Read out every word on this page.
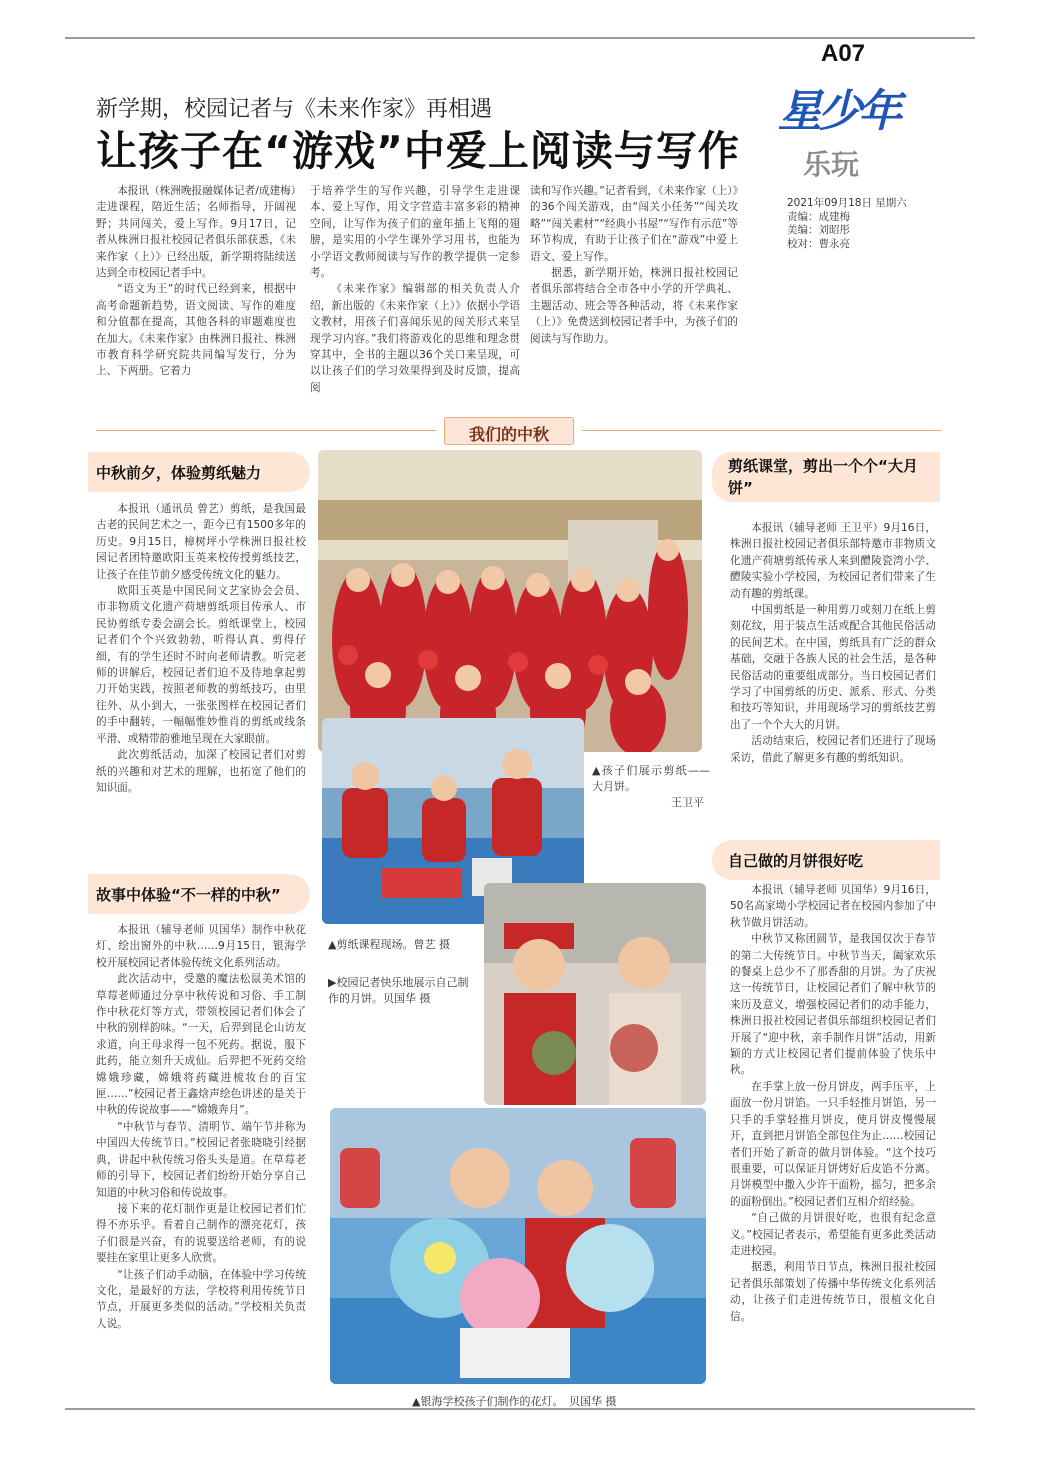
A07
星少年
乐玩
2021年09月18日 星期六
责编：成建梅
美编：刘昭彤
校对：曹永亮
新学期，校园记者与《未来作家》再相遇
让孩子在“游戏”中爱上阅读与写作

本报讯（株洲晚报融媒体记者/成建梅）走进课程，陪近生活；名师指导，开阔视野；共同闯关，爱上写作。9月17日，记者从株洲日报社校园记者俱乐部获悉，《未来作家（上）》已经出版，新学期将陆续送达到全市校园记者手中。

“语文为王”的时代已经到来，根据中高考命题新趋势，语文阅读、写作的难度和分值都在提高，其他各科的审题难度也在加大。《未来作家》由株洲日报社、株洲市教育科学研究院共同编写发行，分为上、下两册。它着力

于培养学生的写作兴趣，引导学生走进课本、爱上写作，用文字营造丰富多彩的精神空间，让写作为孩子们的童年插上飞翔的翅膀，是实用的小学生课外学习用书，也能为小学语文教师阅读与写作的教学提供一定参考。

《未来作家》编辑部的相关负责人介绍，新出版的《未来作家（上）》依据小学语文教材，用孩子们喜闻乐见的闯关形式来呈现学习内容。”我们将游戏化的思维和理念贯穿其中，全书的主题以36个关口来呈现，可以让孩子们的学习效果得到及时反馈，提高阅

读和写作兴趣。”记者看到，《未来作家（上）》的36个闯关游戏，由“闯关小任务”“闯关攻略”“闯关素材”“经典小书屋”“写作有示范”等环节构成，有助于让孩子们在“游戏”中爱上语文、爱上写作。

据悉，新学期开始，株洲日报社校园记者俱乐部将结合全市各中小学的开学典礼、主题活动、班会等各种活动，将《未来作家（上）》免费送到校园记者手中，为孩子们的阅读与写作助力。

我们的中秋
中秋前夕，体验剪纸魅力

本报讯（通讯员 曾艺）剪纸，是我国最古老的民间艺术之一，距今已有1500多年的历史。9月15日，樟树坪小学株洲日报社校园记者团特邀欧阳玉英来校传授剪纸技艺，让孩子在佳节前夕感受传统文化的魅力。

欧阳玉英是中国民间文艺家协会会员、市非物质文化遗产荷塘剪纸项目传承人、市民协剪纸专委会副会长。剪纸课堂上，校园记者们个个兴致勃勃，听得认真、剪得仔细，有的学生还时不时向老师请教。听完老师的讲解后，校园记者们迫不及待地拿起剪刀开始実践，按照老师教的剪纸技巧，由里往外、从小到大，一张张图样在校园记者们的手中翻转，一幅幅惟妙惟肖的剪纸或线条平滑、或精带韵雅地呈现在大家眼前。

此次剪纸活动，加深了校园记者们对剪纸的兴趣和对艺术的理解，也拓宽了他们的知识面。

故事中体验“不一样的中秋”

本报讯（辅导老师 贝国华）制作中秋花灯、绘出窗外的中秋……9月15日，银海学校开展校园记者体验传统文化系列活动。

此次活动中，受邀的魔法松鼠美术馆的草莓老师通过分享中秋传说和习俗、手工制作中秋花灯等方式，带领校园记者们体会了中秋的别样韵味。“一天，后羿到昆仑山访友求道，向王母求得一包不死药。据说，服下此药，能立刻升天成仙。后羿把不死药交给嫦娥珍藏，嫦娥将药藏进梳妆台的百宝匣……”校园记者王鑫焓声绘色讲述的是关于中秋的传说故事——“嫦娥奔月”。

“中秋节与春节、清明节、端午节并称为中国四大传统节日。”校园记者张晓晓引经据典，讲起中秋传统习俗头头是道。在草莓老师的引导下，校园记者们纷纷开始分享自己知道的中秋习俗和传说故事。

接下来的花灯制作更是让校园记者们忙得不亦乐乎。看着自己制作的漂亮花灯，孩子们很是兴奋，有的说要送给老师，有的说要挂在家里让更多人欣赏。

“让孩子们动手动脑，在体验中学习传统文化，是最好的方法，学校将利用传统节日节点，开展更多类似的活动。”学校相关负责人说。

剪纸课堂，剪出一个个“大月饼”

本报讯（辅导老师 王卫平）9月16日，株洲日报社校园记者俱乐部特邀市非物质文化遗产荷塘剪纸传承人来到醴陵瓷湾小学、醴陵实验小学校园，为校园记者们带来了生动有趣的剪纸课。

中国剪纸是一种用剪刀或刻刀在纸上剪刻花纹，用于装点生活或配合其他民俗活动的民间艺术。在中国，剪纸具有广泛的群众基础，交融于各族人民的社会生活，是各种民俗活动的重要组成部分。当日校园记者们学习了中国剪纸的历史、派系、形式、分类和技巧等知识，并用现场学习的剪纸技艺剪出了一个个大大的月饼。

活动结束后，校园记者们还进行了现场采访，借此了解更多有趣的剪纸知识。

自己做的月饼很好吃

本报讯（辅导老师 贝国华）9月16日，50名高家坳小学校园记者在校园内参加了中秋节做月饼活动。

中秋节又称团圆节，是我国仅次于春节的第二大传统节日。中秋节当天，阖家欢乐的餐桌上总少不了那香甜的月饼。为了庆祝这一传统节日，让校园记者们了解中秋节的来历及意义，增强校园记者们的动手能力，株洲日报社校园记者俱乐部组织校园记者们开展了“迎中秋，亲手制作月饼”活动，用新颖的方式让校园记者们提前体验了快乐中秋。

在手掌上放一份月饼皮，两手压平，上面放一份月饼馅。一只手轻推月饼馅，另一只手的手掌轻推月饼皮，使月饼皮慢慢展开，直到把月饼馅全部包住为止……校园记者们开始了新奇的做月饼体验。“这个技巧很重要，可以保证月饼烤好后皮馅不分离。月饼模型中撒入少许干面粉，摇匀，把多余的面粉倒出。”校园记者们互相介绍经验。

“自己做的月饼很好吃，也很有纪念意义。”校园记者表示，希望能有更多此类活动走进校园。

据悉，利用节日节点，株洲日报社校园记者俱乐部策划了传播中华传统文化系列活动，让孩子们走进传统节日，很植文化自信。

▲孩子们展示剪纸——大月饼。
王卫平
▲剪纸课程现场。曾艺 摄
▶校园记者快乐地展示自己制作的月饼。贝国华 摄
▲银海学校孩子们制作的花灯。　贝国华 摄
